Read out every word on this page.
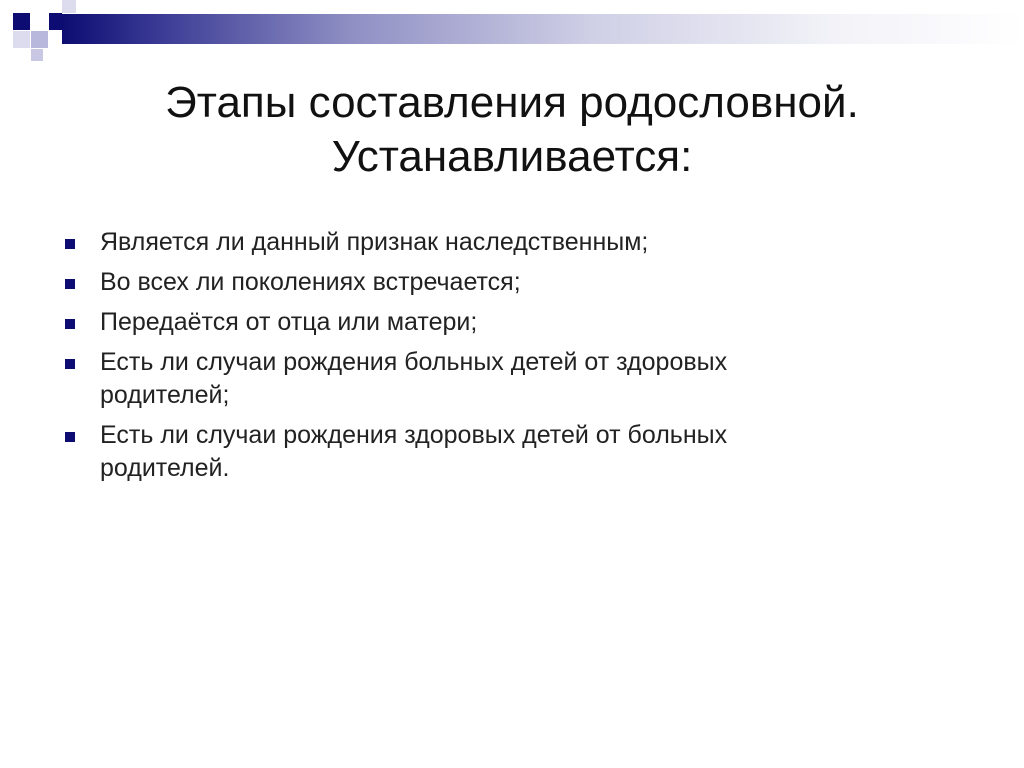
Этапы составления родословной.
Устанавливается:
Является ли данный признак наследственным;
Во всех ли поколениях встречается;
Передаётся от отца или матери;
Есть ли случаи рождения больных детей от здоровых родителей;
Есть ли случаи рождения здоровых детей от больных родителей.
